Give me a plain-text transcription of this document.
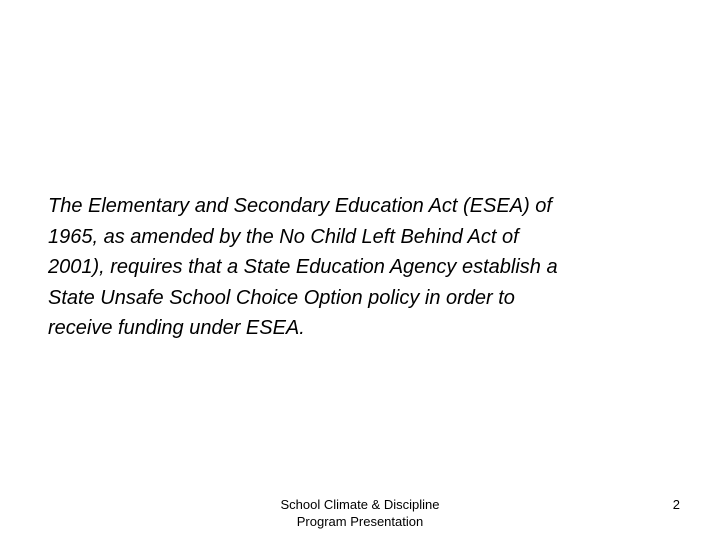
The Elementary and Secondary Education Act (ESEA) of
1965, as amended by the No Child Left Behind Act of
2001), requires that a State Education Agency establish a
State Unsafe School Choice Option policy in order to
receive funding under ESEA.

School Climate & Discipline
Program Presentation
2
